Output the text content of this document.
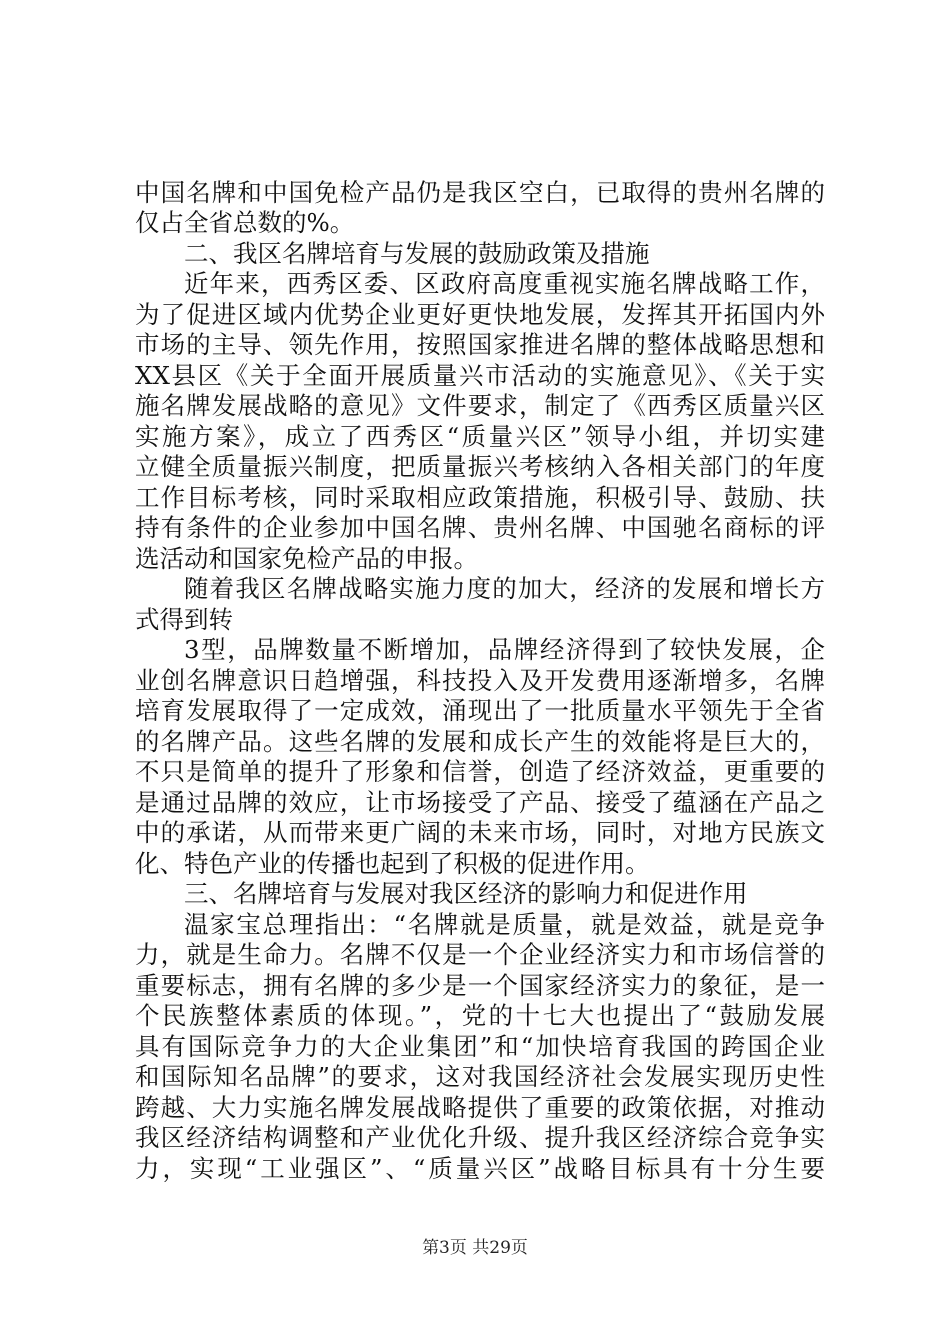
中国名牌和中国免检产品仍是我区空白，已取得的贵州名牌的
仅占全省总数的%。
二、我区名牌培育与发展的鼓励政策及措施
近年来，西秀区委、区政府高度重视实施名牌战略工作，
为了促进区域内优势企业更好更快地发展，发挥其开拓国内外
市场的主导、领先作用，按照国家推进名牌的整体战略思想和
XX县区《关于全面开展质量兴市活动的实施意见》、《关于实
施名牌发展战略的意见》文件要求，制定了《西秀区质量兴区
实施方案》，成立了西秀区“质量兴区”领导小组，并切实建
立健全质量振兴制度，把质量振兴考核纳入各相关部门的年度
工作目标考核，同时采取相应政策措施，积极引导、鼓励、扶
持有条件的企业参加中国名牌、贵州名牌、中国驰名商标的评
选活动和国家免检产品的申报。
随着我区名牌战略实施力度的加大，经济的发展和增长方
式得到转
3型，品牌数量不断增加，品牌经济得到了较快发展，企
业创名牌意识日趋增强，科技投入及开发费用逐渐增多，名牌
培育发展取得了一定成效，涌现出了一批质量水平领先于全省
的名牌产品。这些名牌的发展和成长产生的效能将是巨大的，
不只是简单的提升了形象和信誉，创造了经济效益，更重要的
是通过品牌的效应，让市场接受了产品、接受了蕴涵在产品之
中的承诺，从而带来更广阔的未来市场，同时，对地方民族文
化、特色产业的传播也起到了积极的促进作用。
三、名牌培育与发展对我区经济的影响力和促进作用
温家宝总理指出：“名牌就是质量，就是效益，就是竞争
力，就是生命力。名牌不仅是一个企业经济实力和市场信誉的
重要标志，拥有名牌的多少是一个国家经济实力的象征，是一
个民族整体素质的体现。”，党的十七大也提出了“鼓励发展
具有国际竞争力的大企业集团”和“加快培育我国的跨国企业
和国际知名品牌”的要求，这对我国经济社会发展实现历史性
跨越、大力实施名牌发展战略提供了重要的政策依据，对推动
我区经济结构调整和产业优化升级、提升我区经济综合竞争实
力，实现“工业强区”、“质量兴区”战略目标具有十分生要
第3页 共29页
